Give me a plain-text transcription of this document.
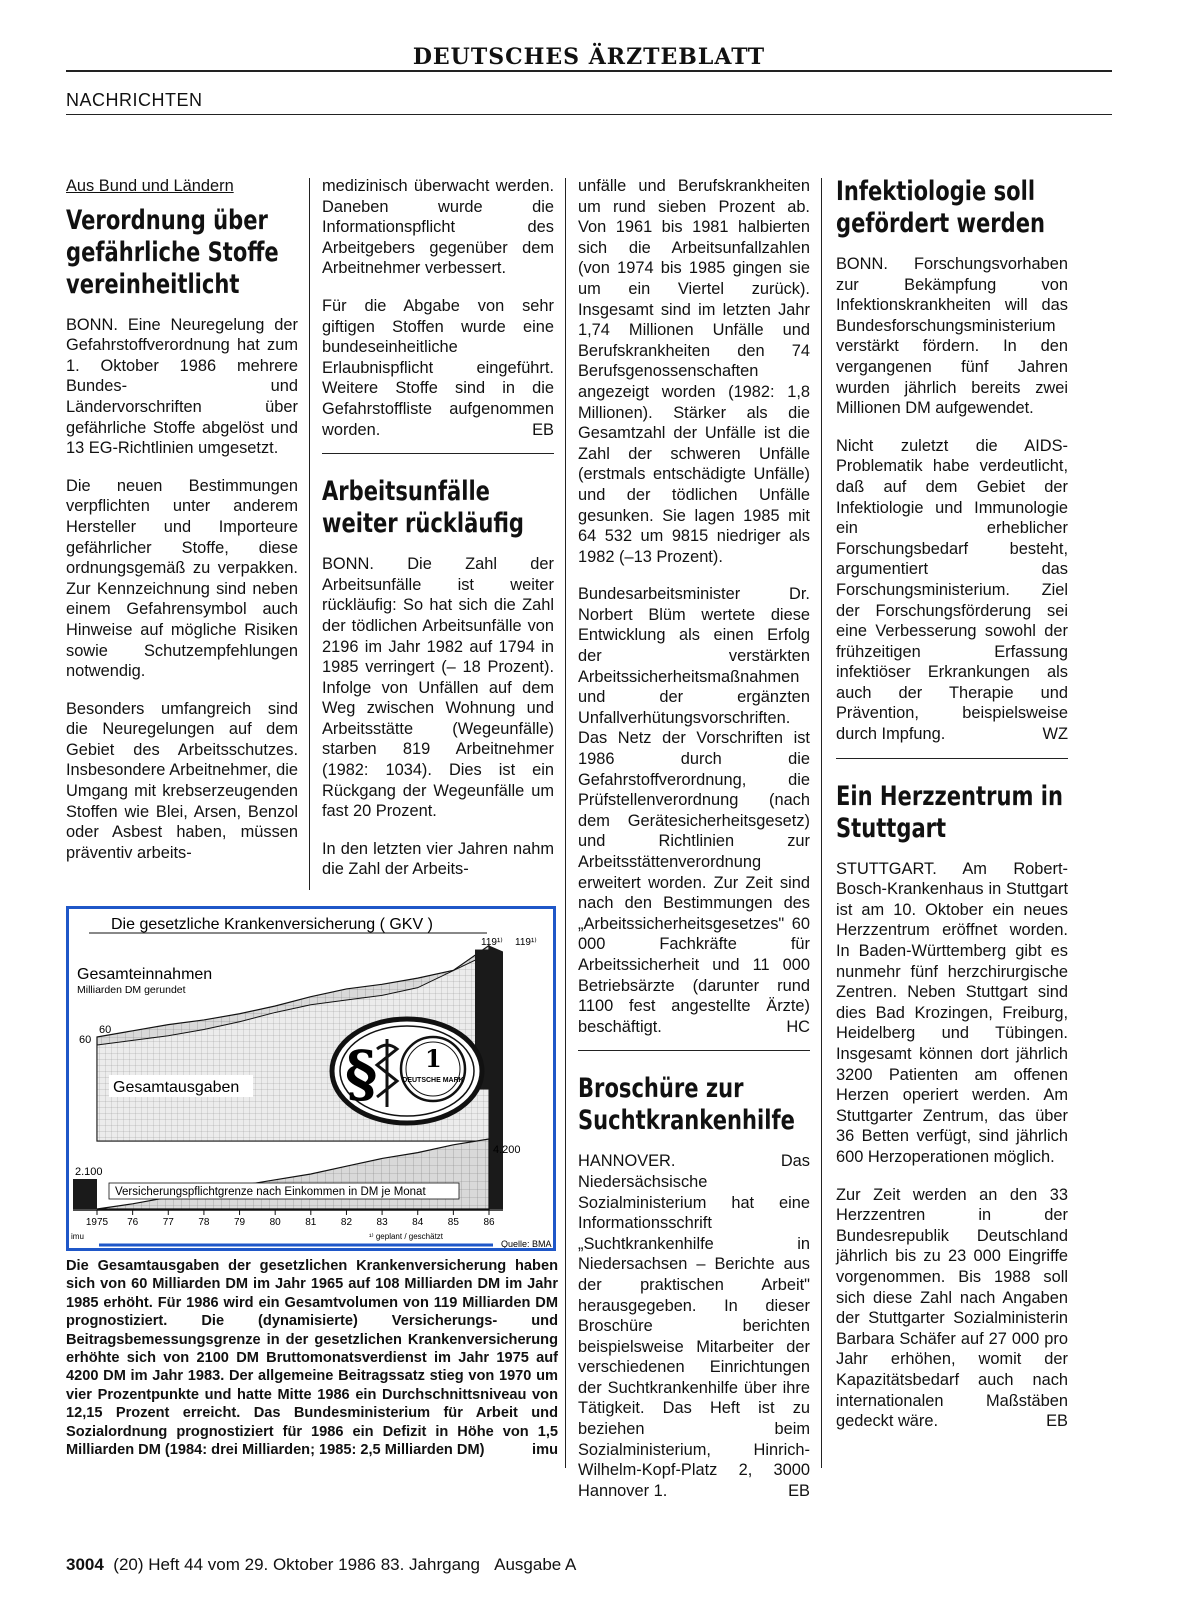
DEUTSCHES ÄRZTEBLATT
NACHRICHTEN
Aus Bund und Ländern
Verordnung über gefährliche Stoffe vereinheitlicht

BONN. Eine Neuregelung der Gefahrstoffverordnung hat zum 1. Oktober 1986 mehrere Bundes- und Ländervorschriften über gefährliche Stoffe abgelöst und 13 EG-Richtlinien umgesetzt.

Die neuen Bestimmungen verpflichten unter anderem Hersteller und Importeure gefährlicher Stoffe, diese ordnungsgemäß zu verpakken. Zur Kennzeichnung sind neben einem Gefahrensymbol auch Hinweise auf mögliche Risiken sowie Schutzempfehlungen notwendig.

Besonders umfangreich sind die Neuregelungen auf dem Gebiet des Arbeitsschutzes. Insbesondere Arbeitnehmer, die Umgang mit krebserzeugenden Stoffen wie Blei, Arsen, Benzol oder Asbest haben, müssen präventiv arbeits-

medizinisch überwacht werden. Daneben wurde die Informationspflicht des Arbeitgebers gegenüber dem Arbeitnehmer verbessert.

Für die Abgabe von sehr giftigen Stoffen wurde eine bundeseinheitliche Erlaubnispflicht eingeführt. Weitere Stoffe sind in die Gefahrstoffliste aufgenommen worden.	EB

Arbeitsunfälle weiter rückläufig

BONN. Die Zahl der Arbeitsunfälle ist weiter rückläufig: So hat sich die Zahl der tödlichen Arbeitsunfälle von 2196 im Jahr 1982 auf 1794 in 1985 verringert (– 18 Prozent). Infolge von Unfällen auf dem Weg zwischen Wohnung und Arbeitsstätte (Wegeunfälle) starben 819 Arbeitnehmer (1982: 1034). Dies ist ein Rückgang der Wegeunfälle um fast 20 Prozent.

In den letzten vier Jahren nahm die Zahl der Arbeits-

unfälle und Berufskrankheiten um rund sieben Prozent ab. Von 1961 bis 1981 halbierten sich die Arbeitsunfallzahlen (von 1974 bis 1985 gingen sie um ein Viertel zurück). Insgesamt sind im letzten Jahr 1,74 Millionen Unfälle und Berufskrankheiten den 74 Berufsgenossenschaften angezeigt worden (1982: 1,8 Millionen). Stärker als die Gesamtzahl der Unfälle ist die Zahl der schweren Unfälle (erstmals entschädigte Unfälle) und der tödlichen Unfälle gesunken. Sie lagen 1985 mit 64 532 um 9815 niedriger als 1982 (–13 Prozent).

Bundesarbeitsminister Dr. Norbert Blüm wertete diese Entwicklung als einen Erfolg der verstärkten Arbeitssicherheitsmaßnahmen und der ergänzten Unfallverhütungsvorschriften. Das Netz der Vorschriften ist 1986 durch die Gefahrstoffverordnung, die Prüfstellenverordnung (nach dem Gerätesicherheitsgesetz) und Richtlinien zur Arbeitsstättenverordnung erweitert worden. Zur Zeit sind nach den Bestimmungen des „Arbeitssicherheitsgesetzes" 60 000 Fachkräfte für Arbeitssicherheit und 11 000 Betriebsärzte (darunter rund 1100 fest angestellte Ärzte) beschäftigt.	HC

Broschüre zur Suchtkrankenhilfe

HANNOVER. Das Niedersächsische Sozialministerium hat eine Informationsschrift „Suchtkrankenhilfe in Niedersachsen – Berichte aus der praktischen Arbeit" herausgegeben. In dieser Broschüre berichten beispielsweise Mitarbeiter der verschiedenen Einrichtungen der Suchtkrankenhilfe über ihre Tätigkeit. Das Heft ist zu beziehen beim Sozialministerium, Hinrich-Wilhelm-Kopf-Platz 2, 3000 Hannover 1.	EB

Infektiologie soll gefördert werden

BONN. Forschungsvorhaben zur Bekämpfung von Infektionskrankheiten will das Bundesforschungsministerium verstärkt fördern. In den vergangenen fünf Jahren wurden jährlich bereits zwei Millionen DM aufgewendet.

Nicht zuletzt die AIDS-Problematik habe verdeutlicht, daß auf dem Gebiet der Infektiologie und Immunologie ein erheblicher Forschungsbedarf besteht, argumentiert das Forschungsministerium. Ziel der Forschungsförderung sei eine Verbesserung sowohl der frühzeitigen Erfassung infektiöser Erkrankungen als auch der Therapie und Prävention, beispielsweise durch Impfung.	WZ

Ein Herzzentrum in Stuttgart

STUTTGART. Am Robert-Bosch-Krankenhaus in Stuttgart ist am 10. Oktober ein neues Herzzentrum eröffnet worden. In Baden-Württemberg gibt es nunmehr fünf herzchirurgische Zentren. Neben Stuttgart sind dies Bad Krozingen, Freiburg, Heidelberg und Tübingen. Insgesamt können dort jährlich 3200 Patienten am offenen Herzen operiert werden. Am Stuttgarter Zentrum, das über 36 Betten verfügt, sind jährlich 600 Herzoperationen möglich.

Zur Zeit werden an den 33 Herzzentren in der Bundesrepublik Deutschland jährlich bis zu 23 000 Eingriffe vorgenommen. Bis 1988 soll sich diese Zahl nach Angaben der Stuttgarter Sozialministerin Barbara Schäfer auf 27 000 pro Jahr erhöhen, womit der Kapazitätsbedarf auch nach internationalen Maßstäben gedeckt wäre.	EB

Die gesetzliche Krankenversicherung ( GKV )
1975 76 77 78 79 80 81 82 83 84 85 86
Gesamteinnahmen
Milliarden DM gerundet
Gesamtausgaben
60
60
119¹⁾ 119¹⁾
2.100
4.200
Versicherungspflichtgrenze nach Einkommen in DM je Monat
¹⁾ geplant / geschätzt
Quelle: BMA
imu
§ 1
DEUTSCHE MARK
Die Gesamtausgaben der gesetzlichen Krankenversicherung haben sich von 60 Milliarden DM im Jahr 1965 auf 108 Milliarden DM im Jahr 1985 erhöht. Für 1986 wird ein Gesamtvolumen von 119 Milliarden DM prognostiziert. Die (dynamisierte) Versicherungs- und Beitragsbemessungsgrenze in der gesetzlichen Krankenversicherung erhöhte sich von 2100 DM Bruttomonatsverdienst im Jahr 1975 auf 4200 DM im Jahr 1983. Der allgemeine Beitragssatz stieg von 1970 um vier Prozentpunkte und hatte Mitte 1986 ein Durchschnittsniveau von 12,15 Prozent erreicht. Das Bundesministerium für Arbeit und Sozialordnung prognostiziert für 1986 ein Defizit in Höhe von 1,5 Milliarden DM (1984: drei Milliarden; 1985: 2,5 Milliarden DM)	imu
3004 (20) Heft 44 vom 29. Oktober 1986 83. Jahrgang Ausgabe A
